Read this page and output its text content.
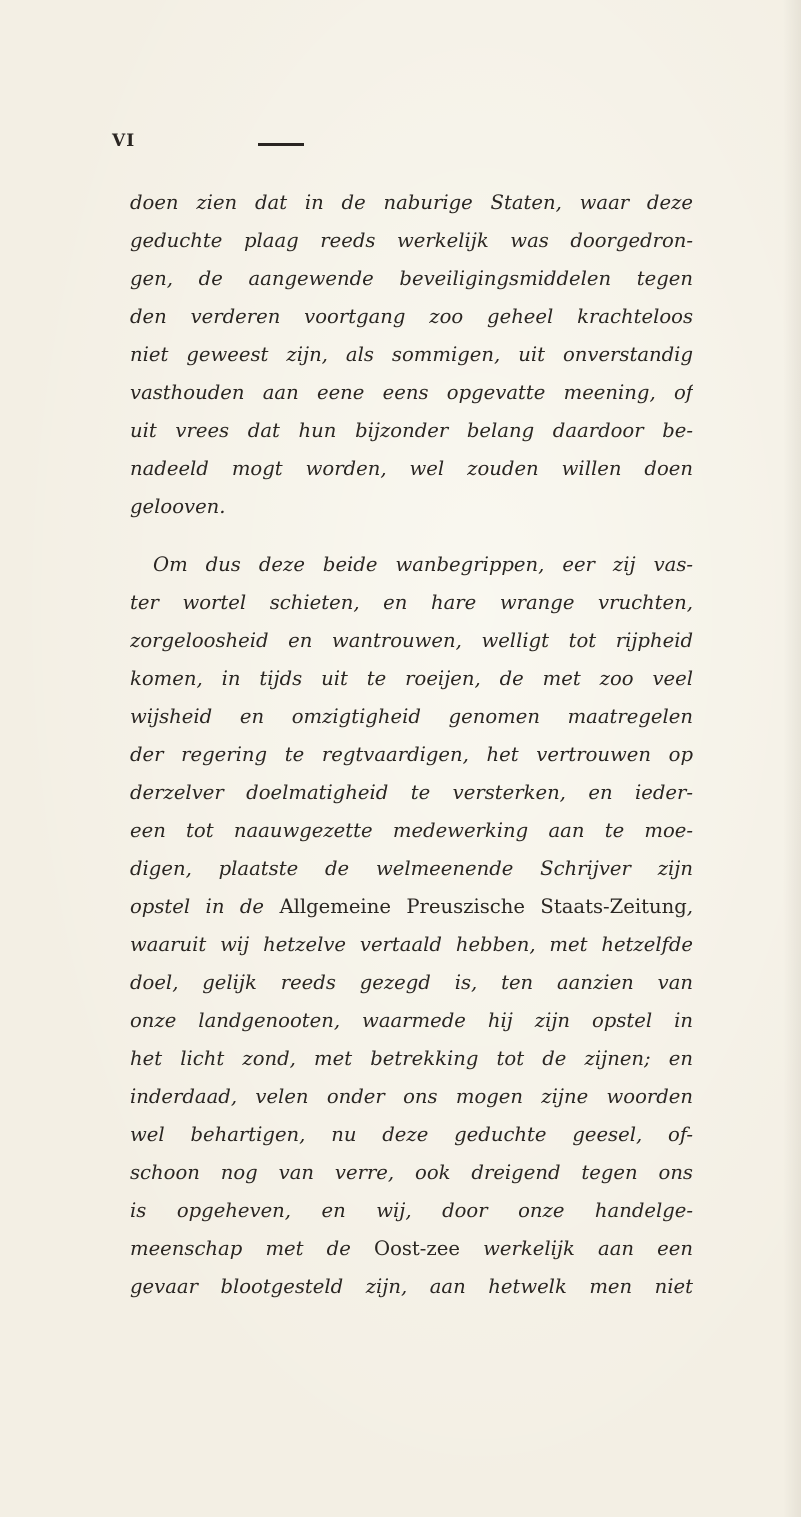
VI
doen zien dat in de naburige Staten, waar deze
geduchte plaag reeds werkelijk was doorgedron-
gen, de aangewende beveiligingsmiddelen tegen
den verderen voortgang zoo geheel krachteloos
niet geweest zijn, als sommigen, uit onverstandig
vasthouden aan eene eens opgevatte meening, of
uit vrees dat hun bijzonder belang daardoor be-
nadeeld mogt worden, wel zouden willen doen
gelooven.
Om dus deze beide wanbegrippen, eer zij vas-
ter wortel schieten, en hare wrange vruchten,
zorgeloosheid en wantrouwen, welligt tot rijpheid
komen, in tijds uit te roeijen, de met zoo veel
wijsheid en omzigtigheid genomen maatregelen
der regering te regtvaardigen, het vertrouwen op
derzelver doelmatigheid te versterken, en ieder-
een tot naauwgezette medewerking aan te moe-
digen, plaatste de welmeenende Schrijver zijn
opstel in de Allgemeine Preuszische Staats-Zeitung,
waaruit wij hetzelve vertaald hebben, met hetzelfde
doel, gelijk reeds gezegd is, ten aanzien van
onze landgenooten, waarmede hij zijn opstel in
het licht zond, met betrekking tot de zijnen; en
inderdaad, velen onder ons mogen zijne woorden
wel behartigen, nu deze geduchte geesel, of-
schoon nog van verre, ook dreigend tegen ons
is opgeheven, en wij, door onze handelge-
meenschap met de Oost-zee werkelijk aan een
gevaar blootgesteld zijn, aan hetwelk men niet
